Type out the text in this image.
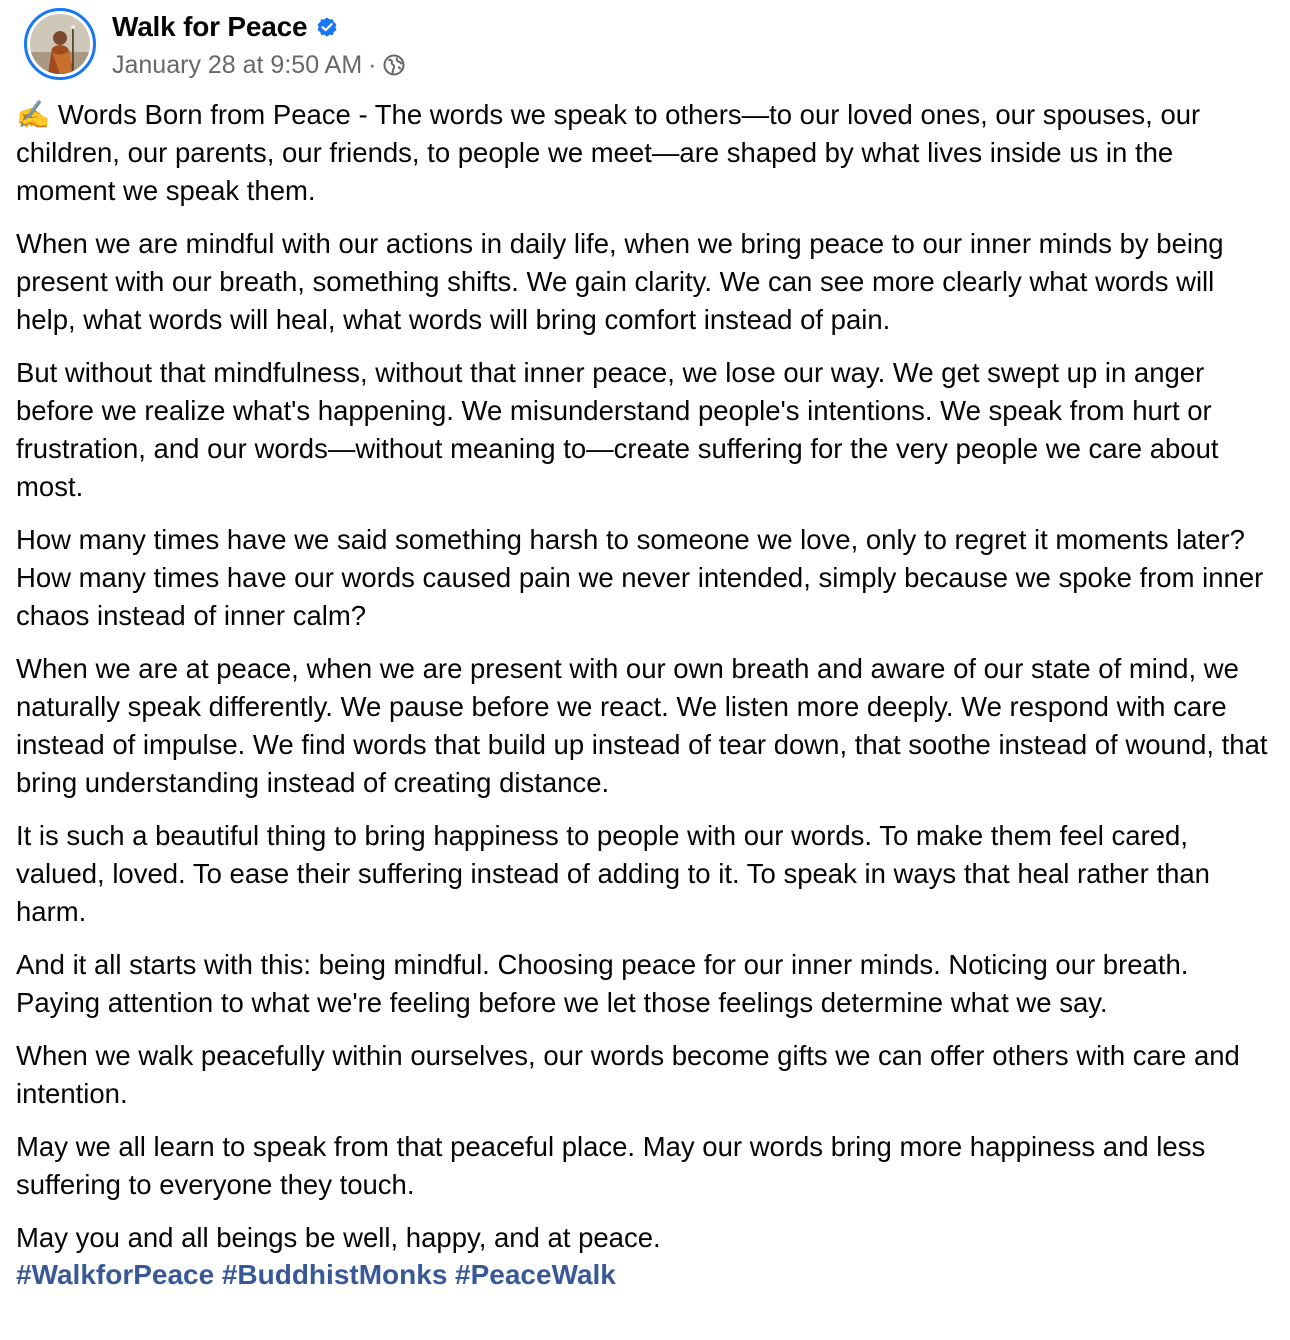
Walk for Peace
January 28 at 9:50 AM ·

✍️ Words Born from Peace - The words we speak to others—to our loved ones, our spouses, our children, our parents, our friends, to people we meet—are shaped by what lives inside us in the moment we speak them.

When we are mindful with our actions in daily life, when we bring peace to our inner minds by being present with our breath, something shifts. We gain clarity. We can see more clearly what words will help, what words will heal, what words will bring comfort instead of pain.

But without that mindfulness, without that inner peace, we lose our way. We get swept up in anger before we realize what's happening. We misunderstand people's intentions. We speak from hurt or frustration, and our words—without meaning to—create suffering for the very people we care about most.

How many times have we said something harsh to someone we love, only to regret it moments later? How many times have our words caused pain we never intended, simply because we spoke from inner chaos instead of inner calm?

When we are at peace, when we are present with our own breath and aware of our state of mind, we naturally speak differently. We pause before we react. We listen more deeply. We respond with care instead of impulse. We find words that build up instead of tear down, that soothe instead of wound, that bring understanding instead of creating distance.

It is such a beautiful thing to bring happiness to people with our words. To make them feel cared, valued, loved. To ease their suffering instead of adding to it. To speak in ways that heal rather than harm.

And it all starts with this: being mindful. Choosing peace for our inner minds. Noticing our breath. Paying attention to what we're feeling before we let those feelings determine what we say.

When we walk peacefully within ourselves, our words become gifts we can offer others with care and intention.

May we all learn to speak from that peaceful place. May our words bring more happiness and less suffering to everyone they touch.

May you and all beings be well, happy, and at peace.

#WalkforPeace #BuddhistMonks #PeaceWalk
